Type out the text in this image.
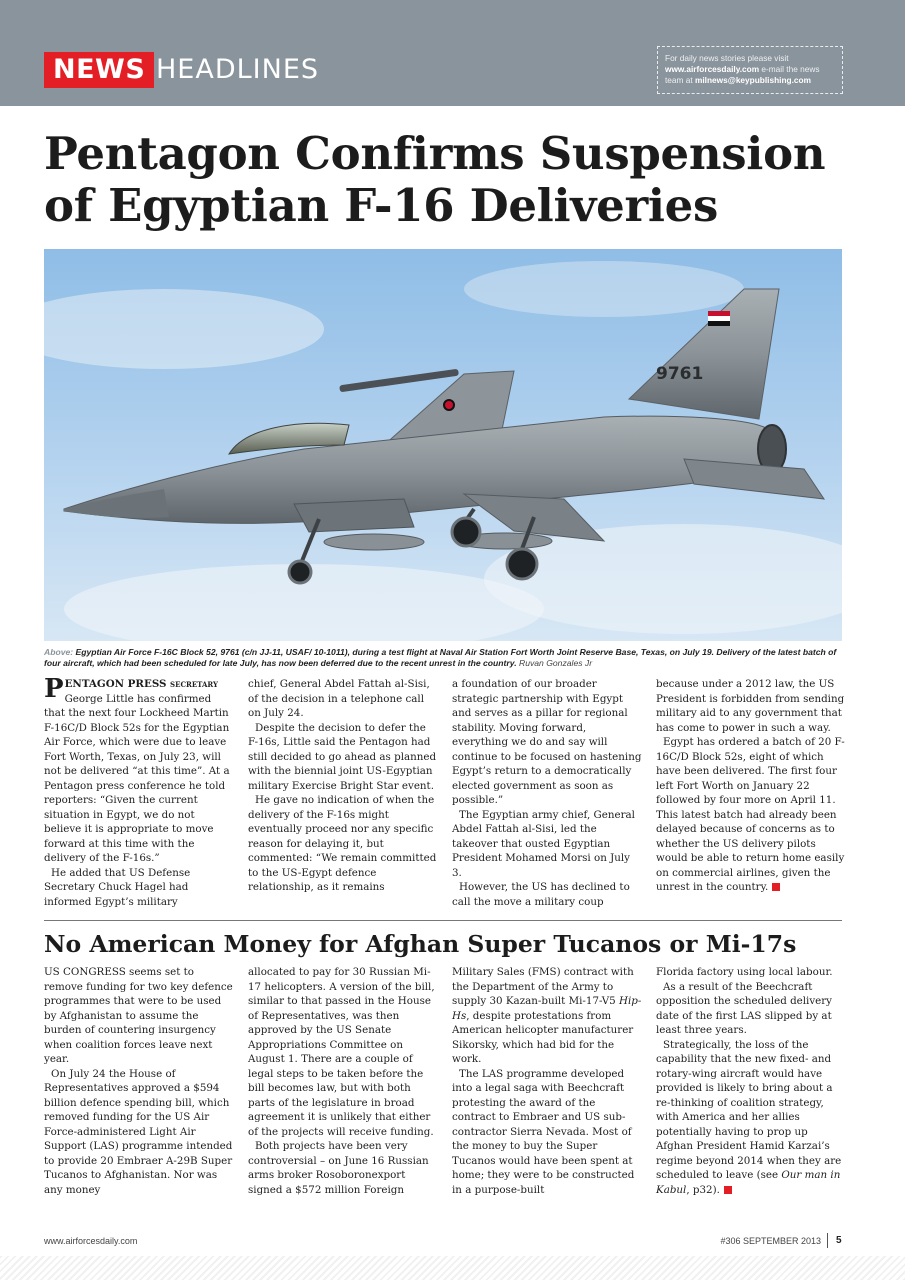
NEWS HEADLINES	For daily news stories please visit
www.airforcesdaily.com e-mail the news
team at milnews@keypublishing.com
Pentagon Confirms Suspension of Egyptian F-16 Deliveries
9761
Above: Egyptian Air Force F-16C Block 52, 9761 (c/n JJ-11, USAF/ 10-1011), during a test flight at Naval Air Station Fort Worth Joint Reserve Base, Texas, on July 19. Delivery of the latest batch of four aircraft, which had been scheduled for late July, has now been deferred due to the recent unrest in the country. Ruvan Gonzales Jr

PENTAGON PRESS secretary George Little has confirmed that the next four Lockheed Martin F-16C/D Block 52s for the Egyptian Air Force, which were due to leave Fort Worth, Texas, on July 23, will not be delivered “at this time”. At a Pentagon press conference he told reporters: “Given the current situation in Egypt, we do not believe it is appropriate to move forward at this time with the delivery of the F-16s.”

He added that US Defense Secretary Chuck Hagel had informed Egypt’s military

chief, General Abdel Fattah al-Sisi, of the decision in a telephone call on July 24.

Despite the decision to defer the F-16s, Little said the Pentagon had still decided to go ahead as planned with the biennial joint US-Egyptian military Exercise Bright Star event.

He gave no indication of when the delivery of the F-16s might eventually proceed nor any specific reason for delaying it, but commented: “We remain committed to the US-Egypt defence relationship, as it remains

a foundation of our broader strategic partnership with Egypt and serves as a pillar for regional stability. Moving forward, everything we do and say will continue to be focused on hastening Egypt’s return to a democratically elected government as soon as possible.”

The Egyptian army chief, General Abdel Fattah al-Sisi, led the takeover that ousted Egyptian President Mohamed Morsi on July 3.

However, the US has declined to call the move a military coup

because under a 2012 law, the US President is forbidden from sending military aid to any government that has come to power in such a way.

Egypt has ordered a batch of 20 F-16C/D Block 52s, eight of which have been delivered. The first four left Fort Worth on January 22 followed by four more on April 11. This latest batch had already been delayed because of concerns as to whether the US delivery pilots would be able to return home easily on commercial airlines, given the unrest in the country.

No American Money for Afghan Super Tucanos or Mi-17s

US CONGRESS seems set to remove funding for two key defence programmes that were to be used by Afghanistan to assume the burden of countering insurgency when coalition forces leave next year.

On July 24 the House of Representatives approved a $594 billion defence spending bill, which removed funding for the US Air Force-administered Light Air Support (LAS) programme intended to provide 20 Embraer A-29B Super Tucanos to Afghanistan. Nor was any money

allocated to pay for 30 Russian Mi-17 helicopters. A version of the bill, similar to that passed in the House of Representatives, was then approved by the US Senate Appropriations Committee on August 1. There are a couple of legal steps to be taken before the bill becomes law, but with both parts of the legislature in broad agreement it is unlikely that either of the projects will receive funding.

Both projects have been very controversial – on June 16 Russian arms broker Rosoboronexport signed a $572 million Foreign

Military Sales (FMS) contract with the Department of the Army to supply 30 Kazan-built Mi-17-V5 Hip-Hs, despite protestations from American helicopter manufacturer Sikorsky, which had bid for the work.

The LAS programme developed into a legal saga with Beechcraft protesting the award of the contract to Embraer and US sub-contractor Sierra Nevada. Most of the money to buy the Super Tucanos would have been spent at home; they were to be constructed in a purpose-built

Florida factory using local labour.

As a result of the Beechcraft opposition the scheduled delivery date of the first LAS slipped by at least three years.

Strategically, the loss of the capability that the new fixed- and rotary-wing aircraft would have provided is likely to bring about a re-thinking of coalition strategy, with America and her allies potentially having to prop up Afghan President Hamid Karzai’s regime beyond 2014 when they are scheduled to leave (see Our man in Kabul, p32).

www.airforcesdaily.com	#306 SEPTEMBER 2013 5
